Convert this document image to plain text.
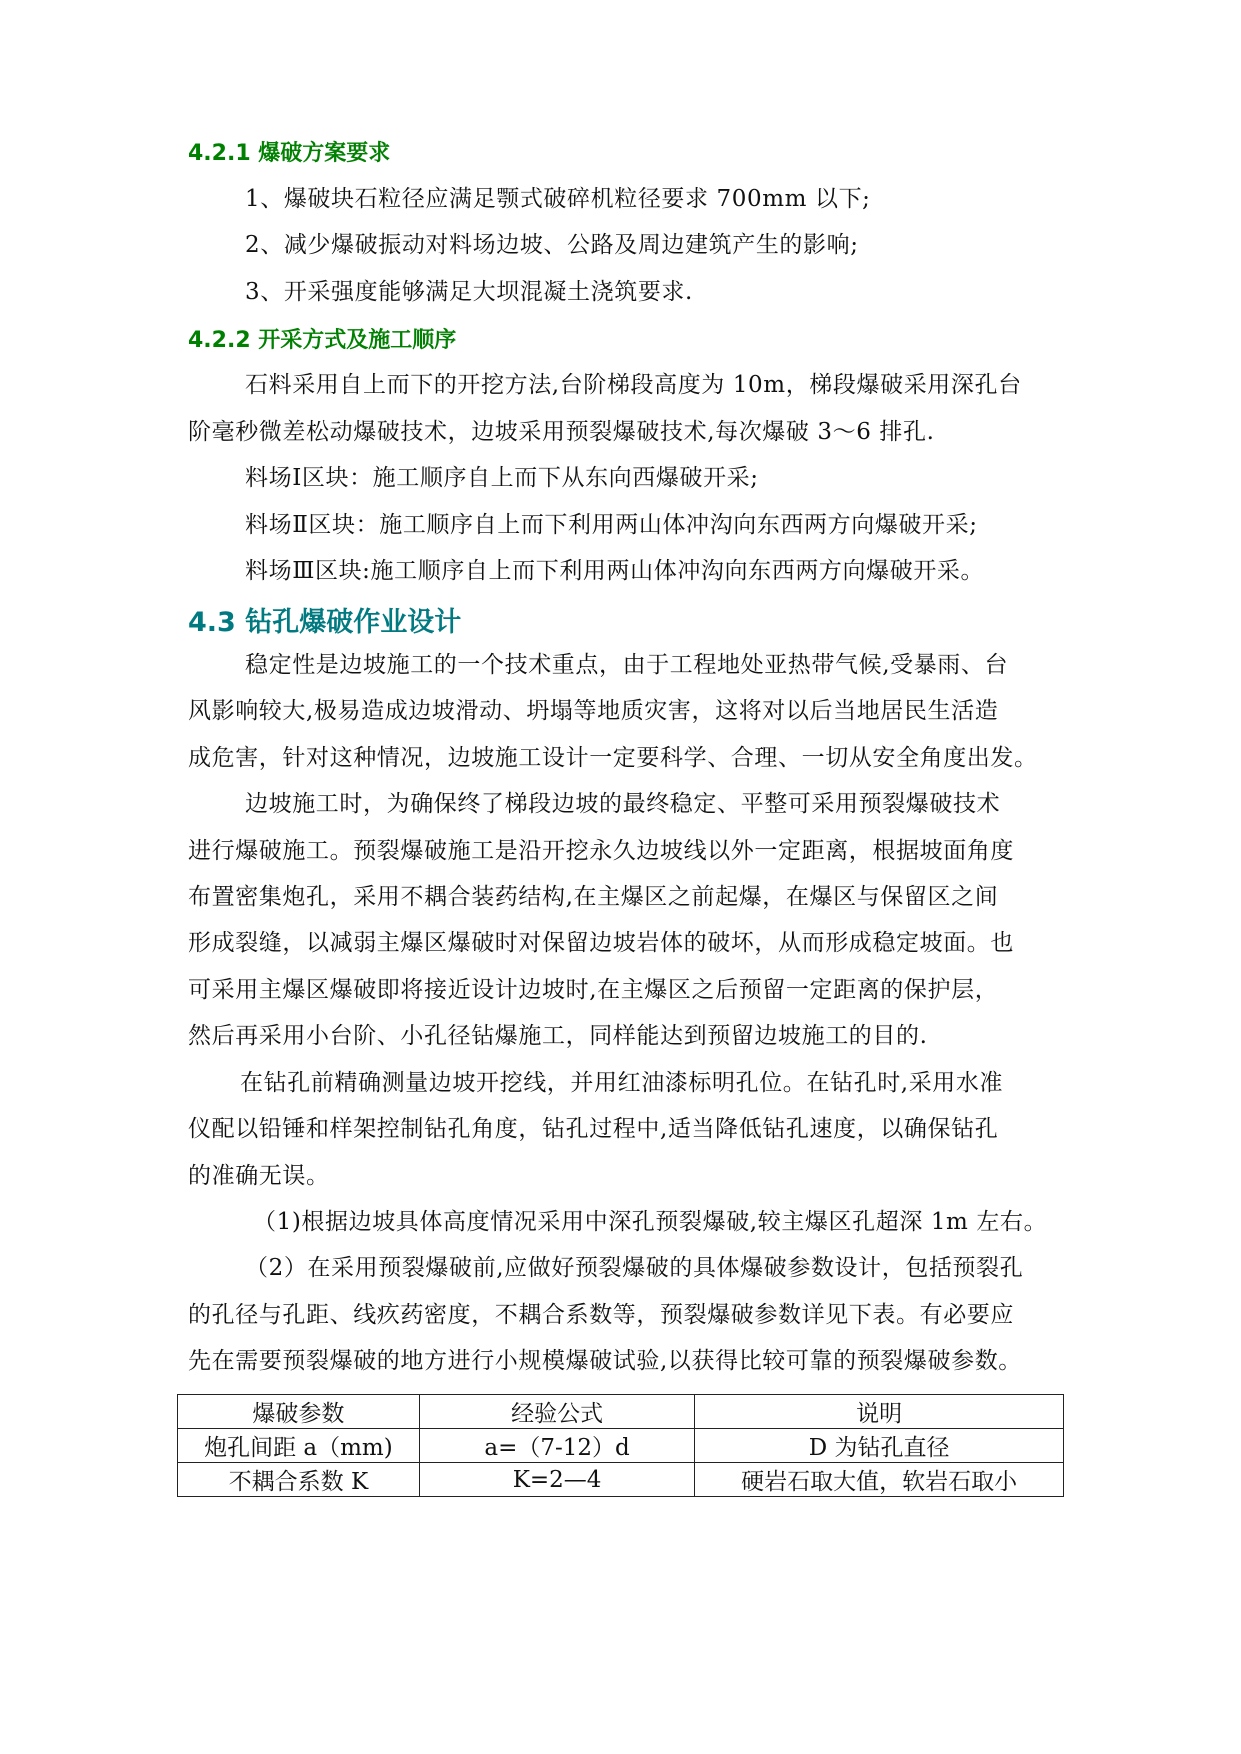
4.2.1 爆破方案要求

1、爆破块石粒径应满足颚式破碎机粒径要求 700mm 以下;

2、减少爆破振动对料场边坡、公路及周边建筑产生的影响;

3、开采强度能够满足大坝混凝土浇筑要求.

4.2.2 开采方式及施工顺序

石料采用自上而下的开挖方法,台阶梯段高度为 10m，梯段爆破采用深孔台

阶毫秒微差松动爆破技术，边坡采用预裂爆破技术,每次爆破 3～6 排孔.

料场Ⅰ区块：施工顺序自上而下从东向西爆破开采;

料场Ⅱ区块：施工顺序自上而下利用两山体冲沟向东西两方向爆破开采;

料场Ⅲ区块:施工顺序自上而下利用两山体冲沟向东西两方向爆破开采。

4.3 钻孔爆破作业设计

稳定性是边坡施工的一个技术重点，由于工程地处亚热带气候,受暴雨、台

风影响较大,极易造成边坡滑动、坍塌等地质灾害，这将对以后当地居民生活造

成危害，针对这种情况，边坡施工设计一定要科学、合理、一切从安全角度出发。

边坡施工时，为确保终了梯段边坡的最终稳定、平整可采用预裂爆破技术

进行爆破施工。预裂爆破施工是沿开挖永久边坡线以外一定距离，根据坡面角度

布置密集炮孔，采用不耦合装药结构,在主爆区之前起爆，在爆区与保留区之间

形成裂缝，以减弱主爆区爆破时对保留边坡岩体的破坏，从而形成稳定坡面。也

可采用主爆区爆破即将接近设计边坡时,在主爆区之后预留一定距离的保护层，

然后再采用小台阶、小孔径钻爆施工，同样能达到预留边坡施工的目的.

在钻孔前精确测量边坡开挖线，并用红油漆标明孔位。在钻孔时,采用水准

仪配以铅锤和样架控制钻孔角度，钻孔过程中,适当降低钻孔速度，以确保钻孔

的准确无误。

（1)根据边坡具体高度情况采用中深孔预裂爆破,较主爆区孔超深 1m 左右。

（2）在采用预裂爆破前,应做好预裂爆破的具体爆破参数设计，包括预裂孔

的孔径与孔距、线疚药密度，不耦合系数等，预裂爆破参数详见下表。有必要应

先在需要预裂爆破的地方进行小规模爆破试验,以获得比较可靠的预裂爆破参数。

爆破参数	经验公式	说明
炮孔间距 a（mm)	a=（7-12）d	D 为钻孔直径
不耦合系数 K	K=2—4	硬岩石取大值，软岩石取小
